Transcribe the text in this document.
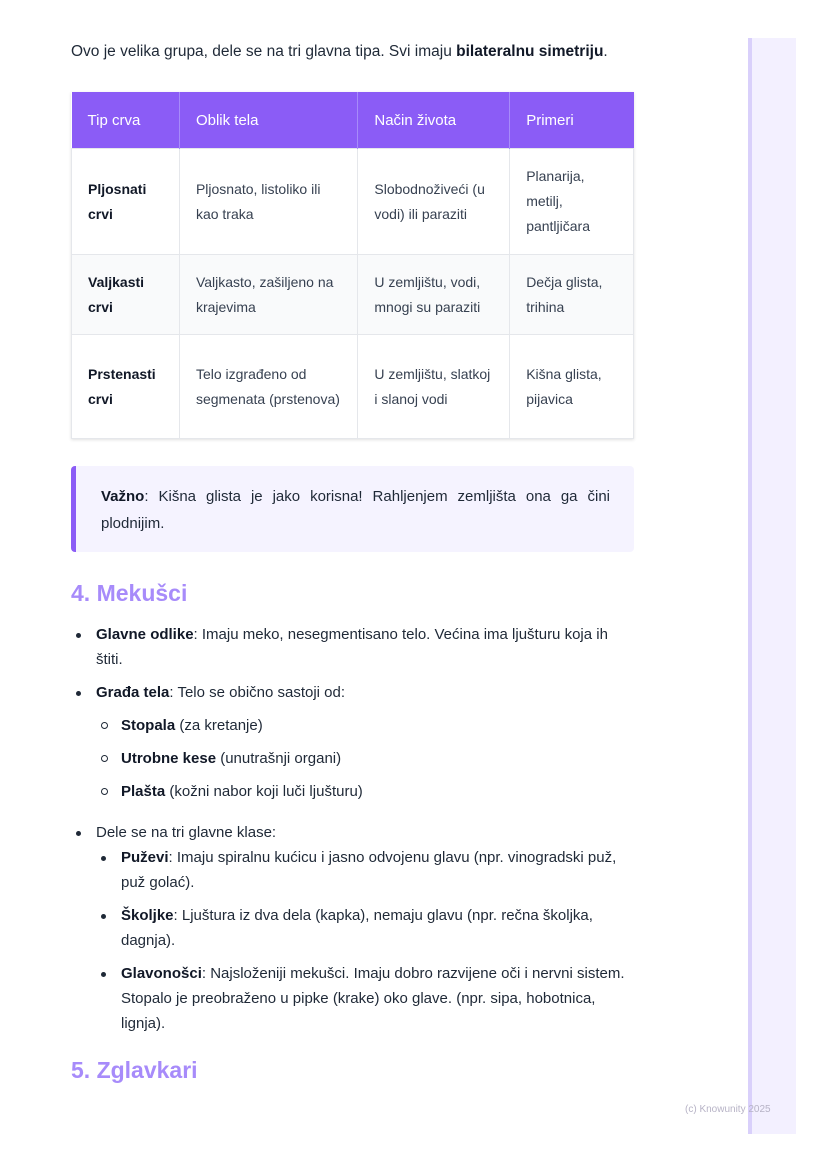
Ovo je velika grupa, dele se na tri glavna tipa. Svi imaju bilateralnu simetriju.

Tip crva	Oblik tela	Način života	Primeri
Pljosnati crvi	Pljosnato, listoliko ili kao traka	Slobodnoživeći (u vodi) ili paraziti	Planarija, metilj, pantljičara
Valjkasti crvi	Valjkasto, zašiljeno na krajevima	U zemljištu, vodi, mnogi su paraziti	Dečja glista, trihina
Prstenasti crvi	Telo izgrađeno od segmenata (prstenova)	U zemljištu, slatkoj i slanoj vodi	Kišna glista, pijavica
Važno: Kišna glista je jako korisna! Rahljenjem zemljišta ona ga čini plodnijim.
4. Mekušci
Glavne odlike: Imaju meko, nesegmentisano telo. Većina ima ljušturu koja ih štiti.
Građa tela: Telo se obično sastoji od:
Stopala (za kretanje)
Utrobne kese (unutrašnji organi)
Plašta (kožni nabor koji luči ljušturu)
Dele se na tri glavne klase:
Puževi: Imaju spiralnu kućicu i jasno odvojenu glavu (npr. vinogradski puž, puž golać).
Školjke: Ljuštura iz dva dela (kapka), nemaju glavu (npr. rečna školjka, dagnja).
Glavonošci: Najsloženiji mekušci. Imaju dobro razvijene oči i nervni sistem. Stopalo je preobraženo u pipke (krake) oko glave. (npr. sipa, hobotnica, lignja).
5. Zglavkari
(c) Knowunity 2025
